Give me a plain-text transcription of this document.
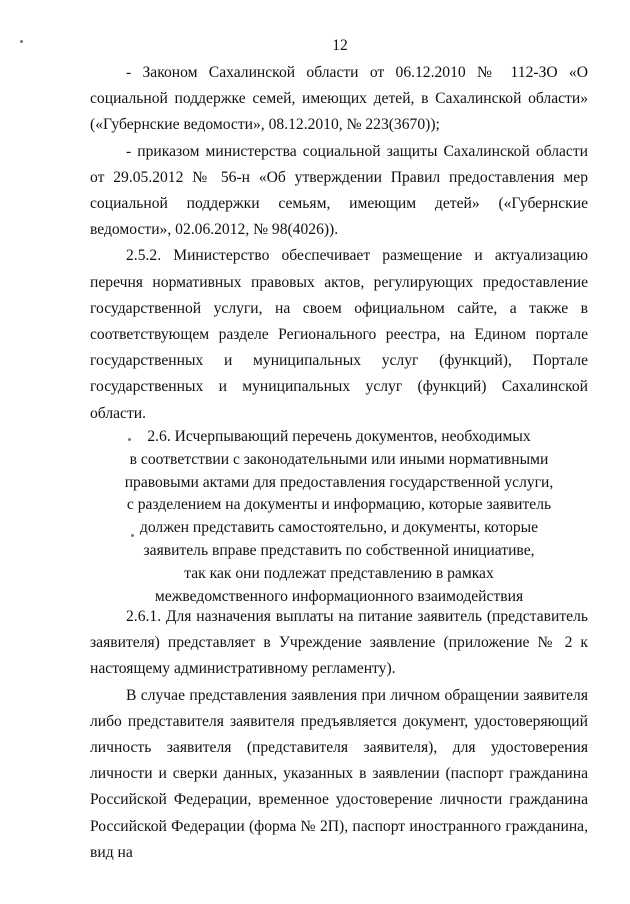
12

- Законом Сахалинской области от 06.12.2010 № 112-ЗО «О социальной поддержке семей, имеющих детей, в Сахалинской области» («Губернские ведомости», 08.12.2010, № 223(3670));

- приказом министерства социальной защиты Сахалинской области от 29.05.2012 № 56-н «Об утверждении Правил предоставления мер социальной поддержки семьям, имеющим детей» («Губернские ведомости», 02.06.2012, № 98(4026)).

2.5.2. Министерство обеспечивает размещение и актуализацию перечня нормативных правовых актов, регулирующих предоставление государственной услуги, на своем официальном сайте, а также в соответствующем разделе Регионального реестра, на Едином портале государственных и муниципальных услуг (функций), Портале государственных и муниципальных услуг (функций) Сахалинской области.

2.6. Исчерпывающий перечень документов, необходимых
в соответствии с законодательными или иными нормативными
правовыми актами для предоставления государственной услуги,
с разделением на документы и информацию, которые заявитель
должен представить самостоятельно, и документы, которые
заявитель вправе представить по собственной инициативе,
так как они подлежат представлению в рамках
межведомственного информационного взаимодействия

2.6.1. Для назначения выплаты на питание заявитель (представитель заявителя) представляет в Учреждение заявление (приложение № 2 к настоящему административному регламенту).

В случае представления заявления при личном обращении заявителя либо представителя заявителя предъявляется документ, удостоверяющий личность заявителя (представителя заявителя), для удостоверения личности и сверки данных, указанных в заявлении (паспорт гражданина Российской Федерации, временное удостоверение личности гражданина Российской Федерации (форма № 2П), паспорт иностранного гражданина, вид на
